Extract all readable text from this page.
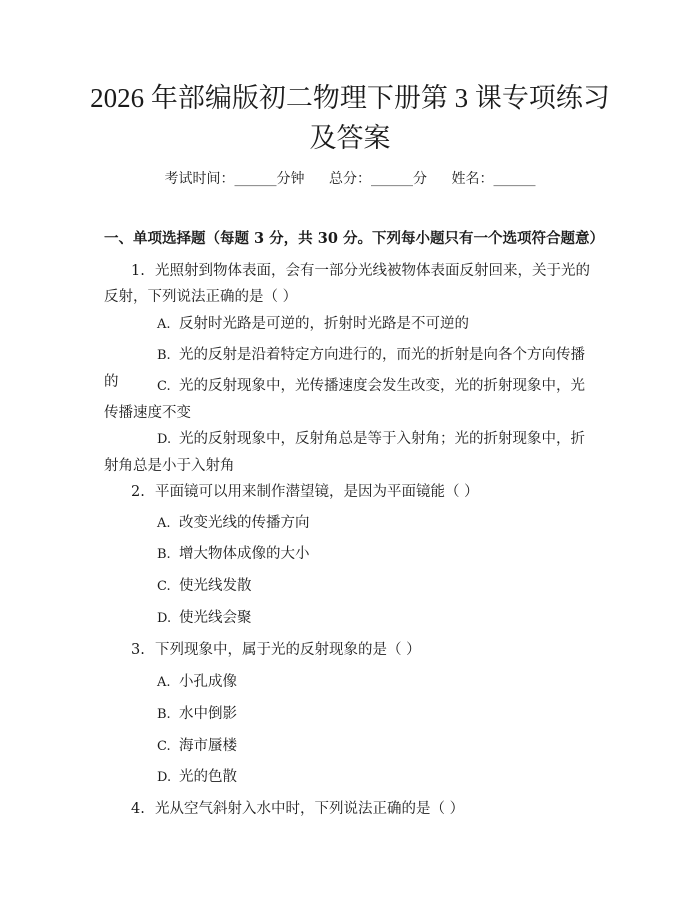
2026 年部编版初二物理下册第 3 课专项练习
及答案
考试时间：______分钟 总分：______分 姓名：______
一、单项选择题（每题 3 分，共 30 分。下列每小题只有一个选项符合题意）
1. 光照射到物体表面，会有一部分光线被物体表面反射回来，关于光的反射，下列说法正确的是（ ）
A. 反射时光路是可逆的，折射时光路是不可逆的
B. 光的反射是沿着特定方向进行的，而光的折射是向各个方向传播的	C. 光的反射现象中，光传播速度会发生改变，光的折射现象中，光传播速度不变
D. 光的反射现象中，反射角总是等于入射角；光的折射现象中，折射角总是小于入射角
2. 平面镜可以用来制作潜望镜，是因为平面镜能（ ）
A. 改变光线的传播方向
B. 增大物体成像的大小
C. 使光线发散
D. 使光线会聚
3. 下列现象中，属于光的反射现象的是（ ）
A. 小孔成像
B. 水中倒影
C. 海市蜃楼
D. 光的色散
4. 光从空气斜射入水中时，下列说法正确的是（ ）
